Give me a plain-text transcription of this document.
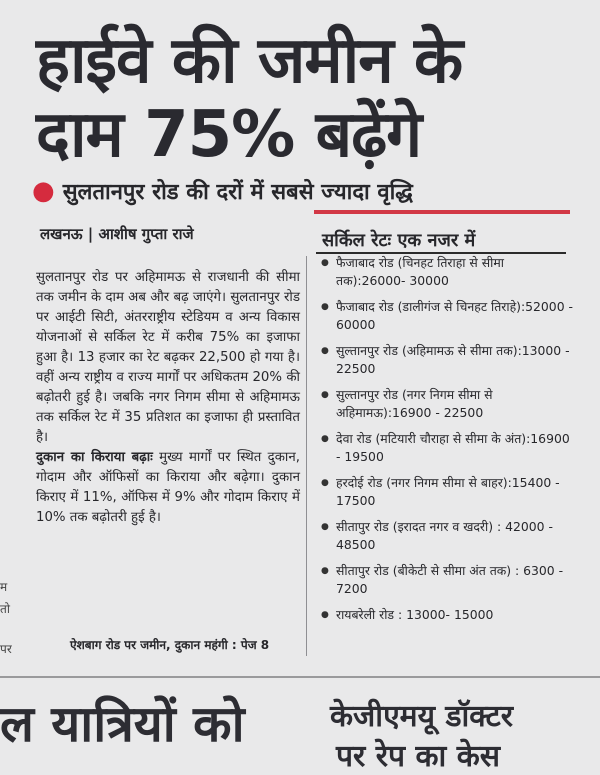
हाईवे की जमीन के
दाम 75% बढ़ेंगे
● सुलतानपुर रोड की दरों में सबसे ज्यादा वृद्धि
लखनऊ | आशीष गुप्ता राजे	सर्किल रेटः एक नजर में

सुलतानपुर रोड पर अहिमामऊ से राजधानी की सीमा तक जमीन के दाम अब और बढ़ जाएंगे। सुलतानपुर रोड पर आईटी सिटी, अंतरराष्ट्रीय स्टेडियम व अन्य विकास योजनाओं से सर्किल रेट में करीब 75% का इजाफा हुआ है। 13 हजार का रेट बढ़कर 22,500 हो गया है। वहीं अन्य राष्ट्रीय व राज्य मार्गों पर अधिकतम 20% की बढ़ोतरी हुई है। जबकि नगर निगम सीमा से अहिमामऊ तक सर्किल रेट में 35 प्रतिशत का इजाफा ही प्रस्तावित है।

दुकान का किराया बढ़ाः मुख्य मार्गों पर स्थित दुकान, गोदाम और ऑफिसों का किराया और बढ़ेगा। दुकान किराए में 11%, ऑफिस में 9% और गोदाम किराए में 10% तक बढ़ोतरी हुई है।

ऐशबाग रोड पर जमीन, दुकान महंगी : पेज 8
● फैजाबाद रोड (चिनहट तिराहा से सीमा तक):26000- 30000
● फैजाबाद रोड (डालीगंज से चिनहट तिराहे):52000 - 60000
● सुल्तानपुर रोड (अहिमामऊ से सीमा तक):13000 - 22500
● सुल्तानपुर रोड (नगर निगम सीमा से अहिमामऊ):16900 - 22500
● देवा रोड (मटियारी चौराहा से सीमा के अंत):16900 - 19500
● हरदोई रोड (नगर निगम सीमा से बाहर):15400 - 17500
● सीतापुर रोड (इरादत नगर व खदरी) : 42000 - 48500
● सीतापुर रोड (बीकेटी से सीमा अंत तक) : 6300 - 7200
● रायबरेली रोड : 13000- 15000
म
तो
पर
ल यात्रियों को	केजीएमयू डॉक्टर
पर रेप का केस
